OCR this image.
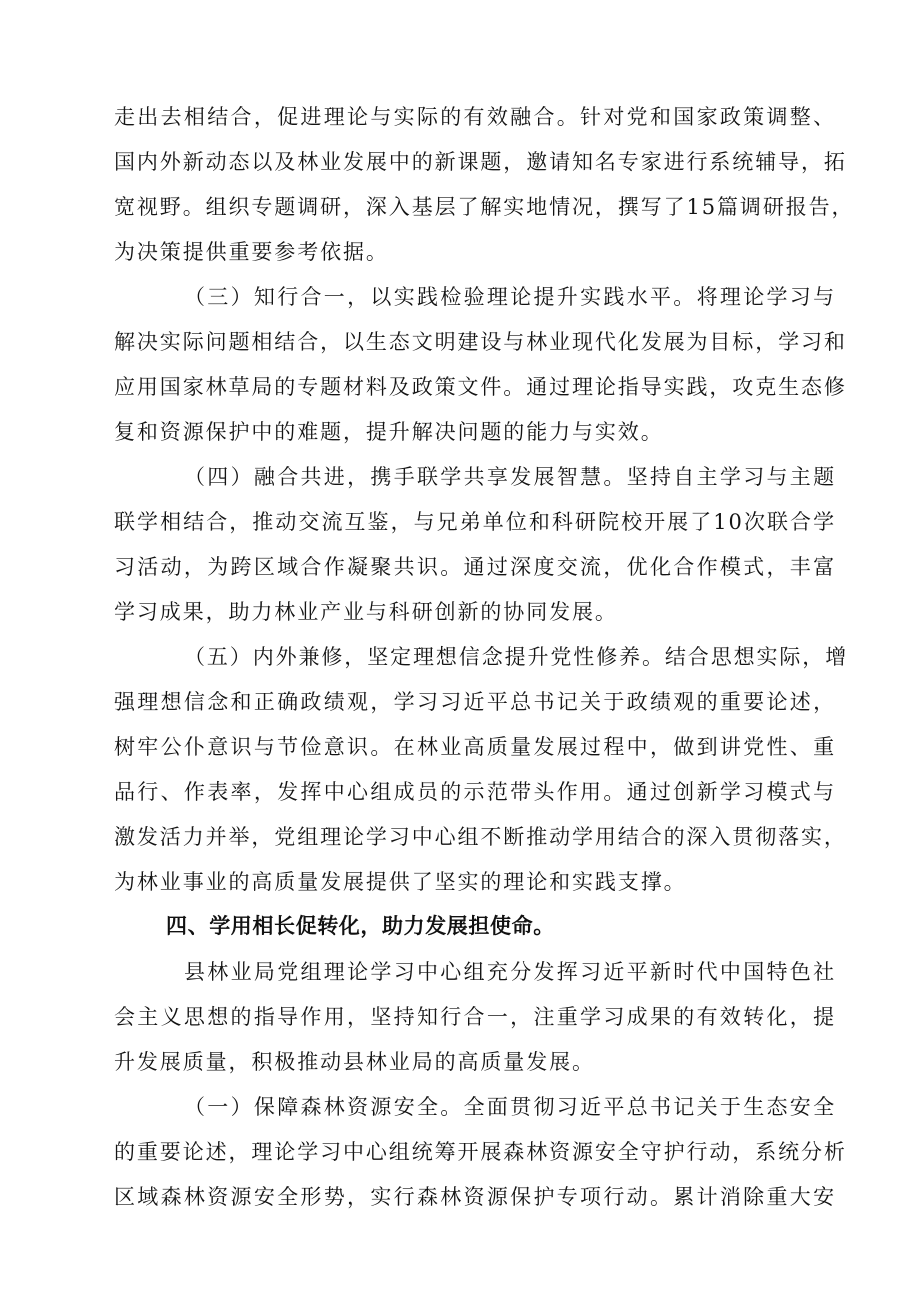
走出去相结合，促进理论与实际的有效融合。针对党和国家政策调整、
国内外新动态以及林业发展中的新课题，邀请知名专家进行系统辅导，拓
宽视野。组织专题调研，深入基层了解实地情况，撰写了15篇调研报告，
为决策提供重要参考依据。
（三）知行合一，以实践检验理论提升实践水平。将理论学习与
解决实际问题相结合，以生态文明建设与林业现代化发展为目标，学习和
应用国家林草局的专题材料及政策文件。通过理论指导实践，攻克生态修
复和资源保护中的难题，提升解决问题的能力与实效。
（四）融合共进，携手联学共享发展智慧。坚持自主学习与主题
联学相结合，推动交流互鉴，与兄弟单位和科研院校开展了10次联合学
习活动，为跨区域合作凝聚共识。通过深度交流，优化合作模式，丰富
学习成果，助力林业产业与科研创新的协同发展。
（五）内外兼修，坚定理想信念提升党性修养。结合思想实际，增
强理想信念和正确政绩观，学习习近平总书记关于政绩观的重要论述，
树牢公仆意识与节俭意识。在林业高质量发展过程中，做到讲党性、重
品行、作表率，发挥中心组成员的示范带头作用。通过创新学习模式与
激发活力并举，党组理论学习中心组不断推动学用结合的深入贯彻落实，
为林业事业的高质量发展提供了坚实的理论和实践支撑。
四、学用相长促转化，助力发展担使命。
县林业局党组理论学习中心组充分发挥习近平新时代中国特色社
会主义思想的指导作用，坚持知行合一，注重学习成果的有效转化，提
升发展质量，积极推动县林业局的高质量发展。
（一）保障森林资源安全。全面贯彻习近平总书记关于生态安全
的重要论述，理论学习中心组统筹开展森林资源安全守护行动，系统分析
区域森林资源安全形势，实行森林资源保护专项行动。累计消除重大安
